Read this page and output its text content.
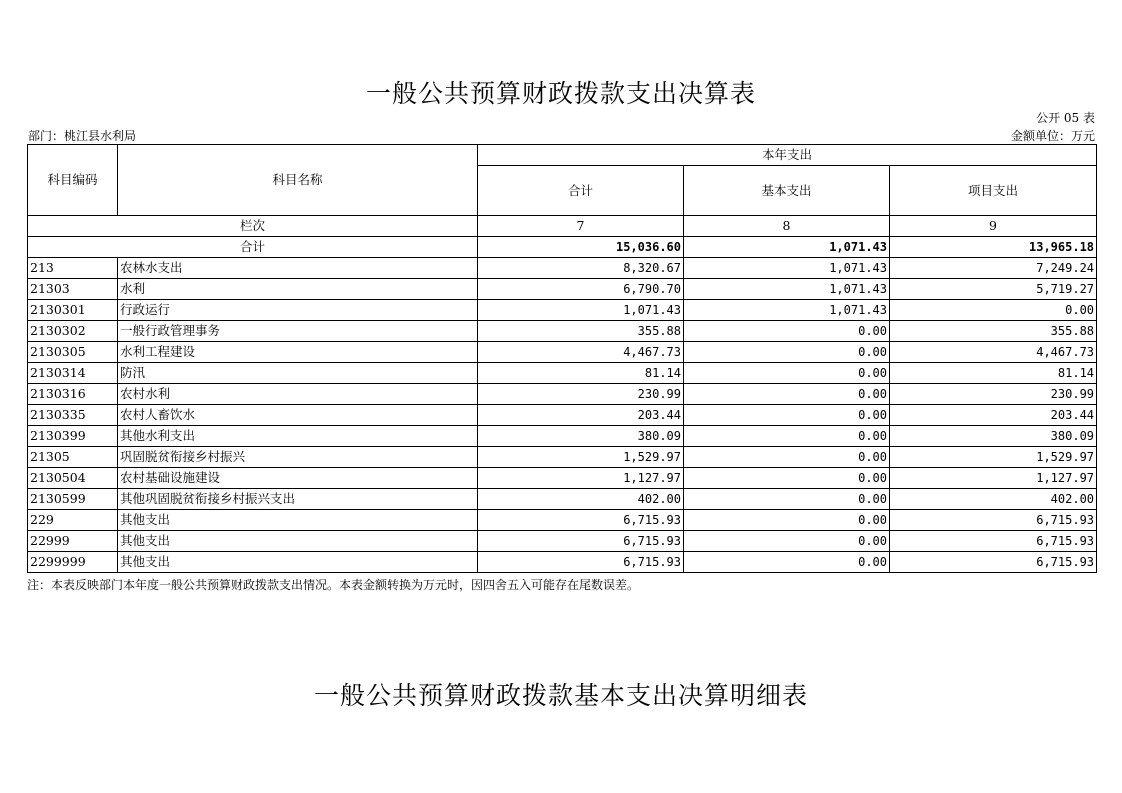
一般公共预算财政拨款支出决算表
公开 05 表
部门：桃江县水利局	金额单位：万元
科目编码	科目名称	本年支出		
		合计	基本支出	项目支出
栏次		7	8	9
合计		15,036.60	1,071.43	13,965.18
213	农林水支出	8,320.67	1,071.43	7,249.24
21303	水利	6,790.70	1,071.43	5,719.27
2130301	行政运行	1,071.43	1,071.43	0.00
2130302	一般行政管理事务	355.88	0.00	355.88
2130305	水利工程建设	4,467.73	0.00	4,467.73
2130314	防汛	81.14	0.00	81.14
2130316	农村水利	230.99	0.00	230.99
2130335	农村人畜饮水	203.44	0.00	203.44
2130399	其他水利支出	380.09	0.00	380.09
21305	巩固脱贫衔接乡村振兴	1,529.97	0.00	1,529.97
2130504	农村基础设施建设	1,127.97	0.00	1,127.97
2130599	其他巩固脱贫衔接乡村振兴支出	402.00	0.00	402.00
229	其他支出	6,715.93	0.00	6,715.93
22999	其他支出	6,715.93	0.00	6,715.93
2299999	其他支出	6,715.93	0.00	6,715.93
注：本表反映部门本年度一般公共预算财政拨款支出情况。本表金额转换为万元时，因四舍五入可能存在尾数误差。
一般公共预算财政拨款基本支出决算明细表
